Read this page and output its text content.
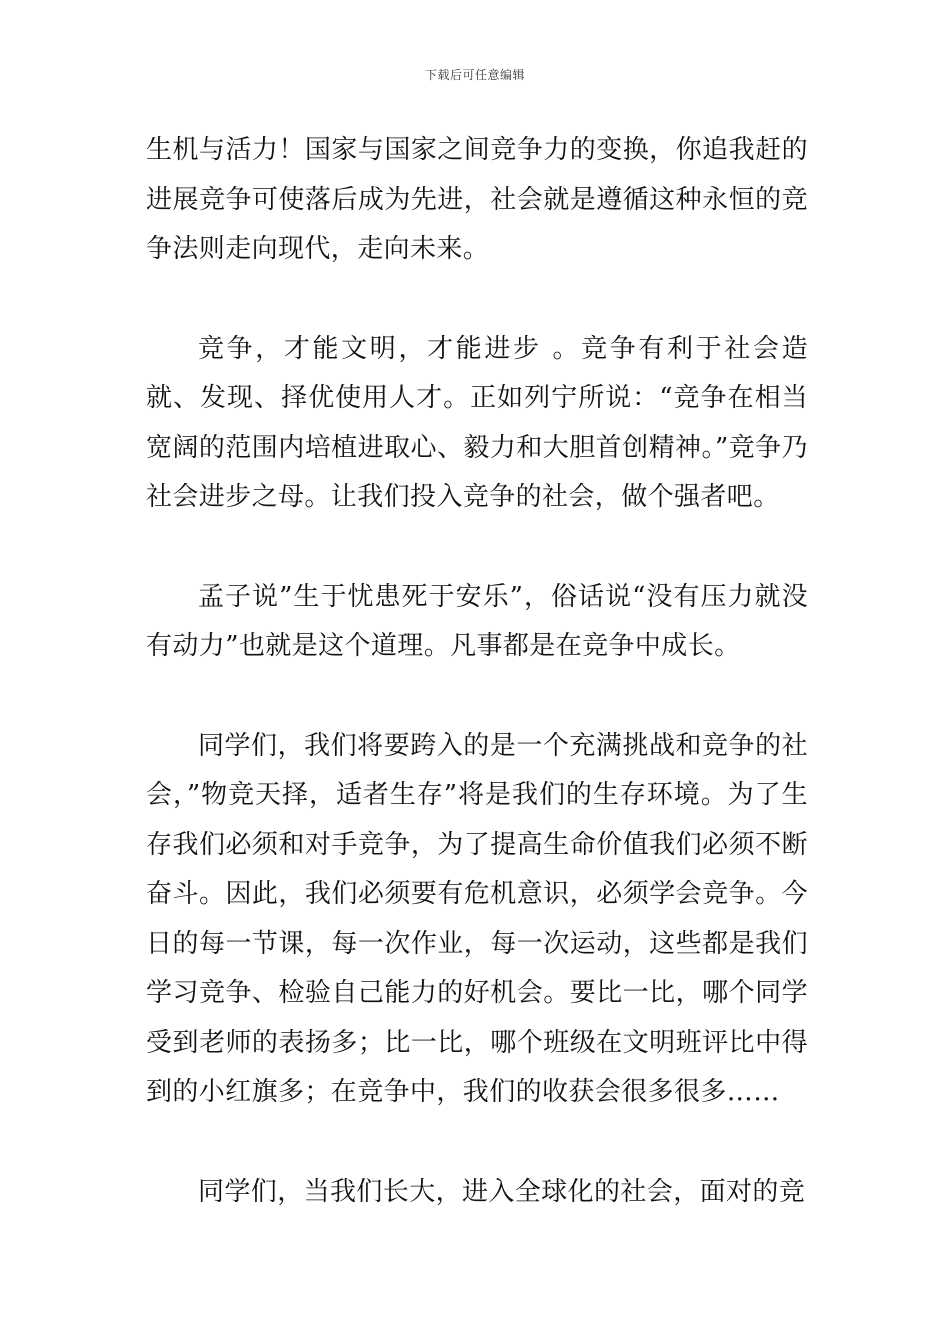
下载后可任意编辑

生机与活力！国家与国家之间竞争力的变换，你追我赶的进展竞争可使落后成为先进，社会就是遵循这种永恒的竞争法则走向现代，走向未来。

竞争，才能文明，才能进步 。竞争有利于社会造就、发现、择优使用人才。正如列宁所说：“竞争在相当宽阔的范围内培植进取心、毅力和大胆首创精神。”竞争乃社会进步之母。让我们投入竞争的社会，做个强者吧。

孟子说”生于忧患死于安乐”，俗话说“没有压力就没有动力”也就是这个道理。凡事都是在竞争中成长。

同学们，我们将要跨入的是一个充满挑战和竞争的社会，”物竞天择，适者生存”将是我们的生存环境。为了生存我们必须和对手竞争，为了提高生命价值我们必须不断奋斗。因此，我们必须要有危机意识，必须学会竞争。今日的每一节课，每一次作业，每一次运动，这些都是我们学习竞争、检验自己能力的好机会。要比一比，哪个同学受到老师的表扬多；比一比，哪个班级在文明班评比中得到的小红旗多；在竞争中，我们的收获会很多很多……

同学们，当我们长大，进入全球化的社会，面对的竞
